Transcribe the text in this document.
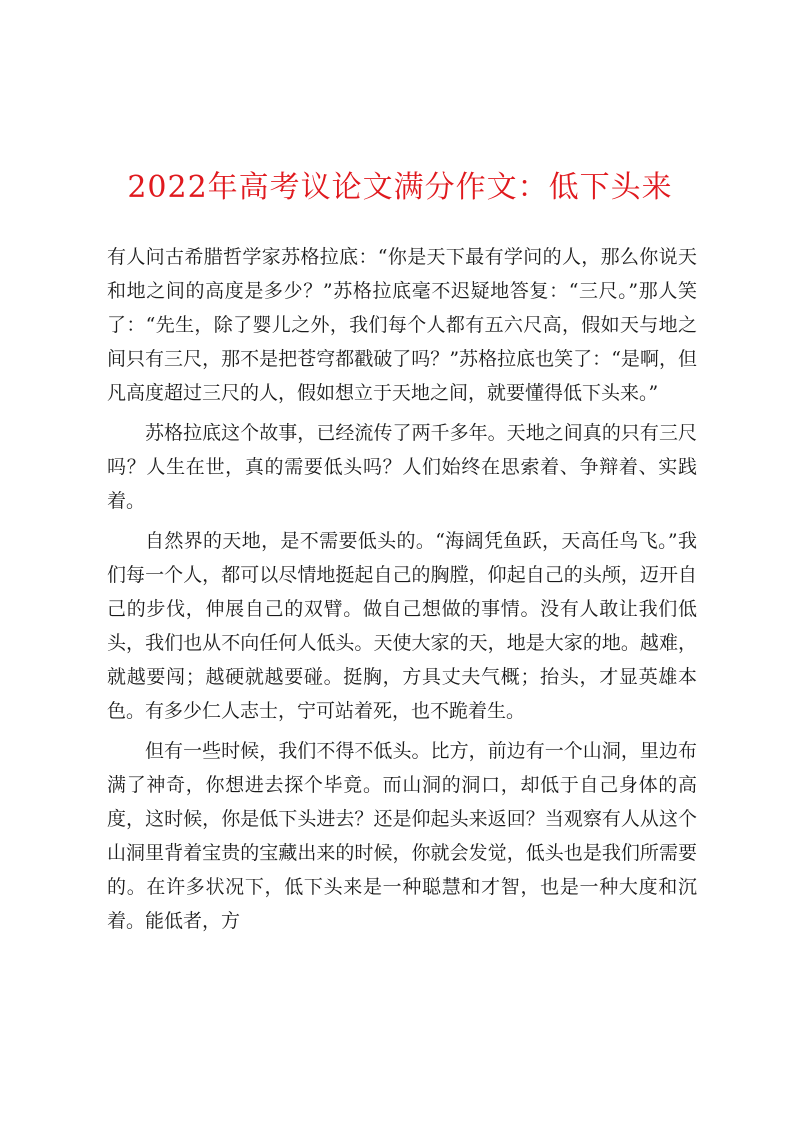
2022年高考议论文满分作文：低下头来

有人问古希腊哲学家苏格拉底：“你是天下最有学问的人，那么你说天和地之间的高度是多少？”苏格拉底毫不迟疑地答复：“三尺。”那人笑了：“先生，除了婴儿之外，我们每个人都有五六尺高，假如天与地之间只有三尺，那不是把苍穹都戳破了吗？”苏格拉底也笑了：“是啊，但凡高度超过三尺的人，假如想立于天地之间，就要懂得低下头来。”

苏格拉底这个故事，已经流传了两千多年。天地之间真的只有三尺吗？人生在世，真的需要低头吗？人们始终在思索着、争辩着、实践着。

自然界的天地，是不需要低头的。“海阔凭鱼跃，天高任鸟飞。”我们每一个人，都可以尽情地挺起自己的胸膛，仰起自己的头颅，迈开自己的步伐，伸展自己的双臂。做自己想做的事情。没有人敢让我们低头，我们也从不向任何人低头。天使大家的天，地是大家的地。越难，就越要闯；越硬就越要碰。挺胸，方具丈夫气概；抬头，才显英雄本色。有多少仁人志士，宁可站着死，也不跪着生。

但有一些时候，我们不得不低头。比方，前边有一个山洞，里边布满了神奇，你想进去探个毕竟。而山洞的洞口，却低于自己身体的高度，这时候，你是低下头进去？还是仰起头来返回？当观察有人从这个山洞里背着宝贵的宝藏出来的时候，你就会发觉，低头也是我们所需要的。在许多状况下，低下头来是一种聪慧和才智，也是一种大度和沉着。能低者，方
